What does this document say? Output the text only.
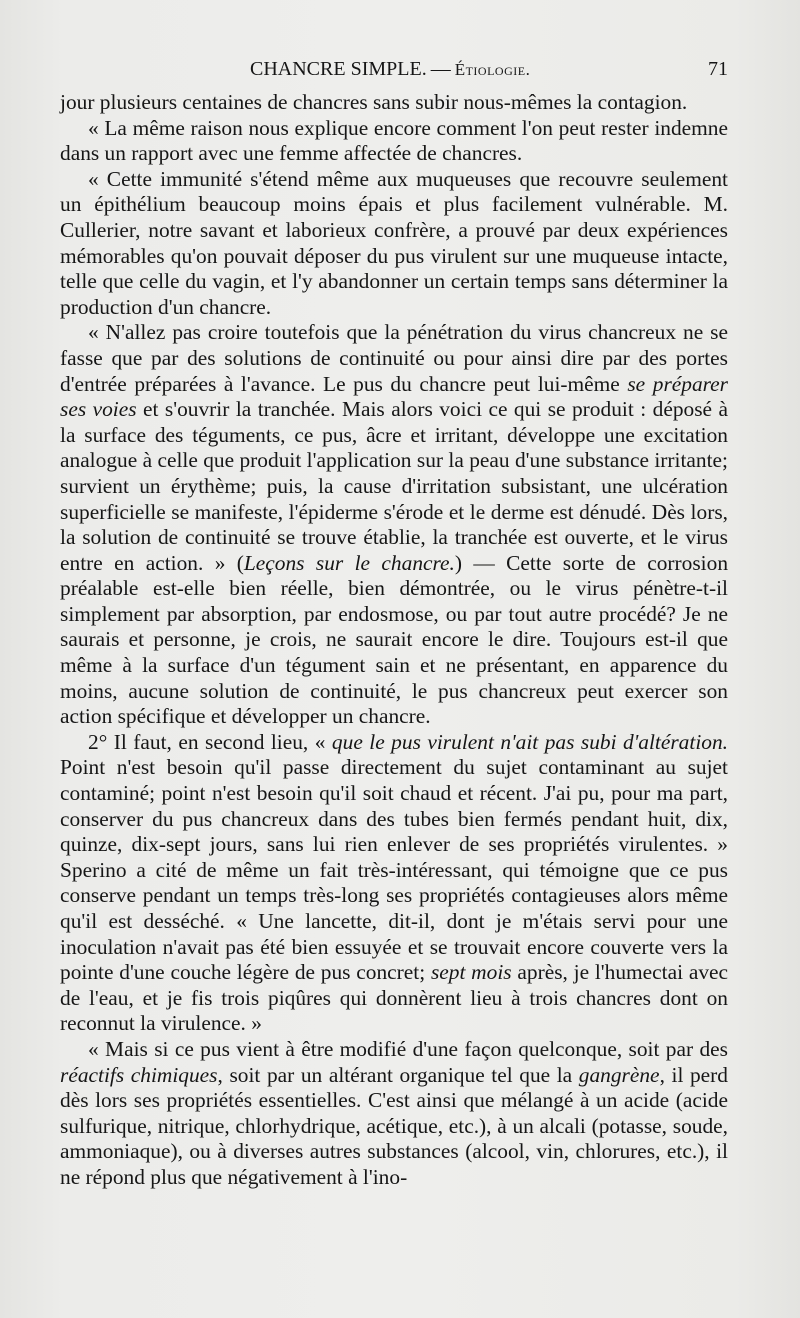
CHANCRE SIMPLE. — Étiologie.	71

jour plusieurs centaines de chancres sans subir nous-mêmes la contagion.

« La même raison nous explique encore comment l'on peut rester indemne dans un rapport avec une femme affectée de chancres.

« Cette immunité s'étend même aux muqueuses que recouvre seulement un épithélium beaucoup moins épais et plus facilement vulnérable. M. Cullerier, notre savant et laborieux confrère, a prouvé par deux expériences mémorables qu'on pouvait déposer du pus virulent sur une muqueuse intacte, telle que celle du vagin, et l'y abandonner un certain temps sans déterminer la production d'un chancre.

« N'allez pas croire toutefois que la pénétration du virus chancreux ne se fasse que par des solutions de continuité ou pour ainsi dire par des portes d'entrée préparées à l'avance. Le pus du chancre peut lui-même se préparer ses voies et s'ouvrir la tranchée. Mais alors voici ce qui se produit : déposé à la surface des téguments, ce pus, âcre et irritant, développe une excitation analogue à celle que produit l'application sur la peau d'une substance irritante; survient un érythème; puis, la cause d'irritation subsistant, une ulcération superficielle se manifeste, l'épiderme s'érode et le derme est dénudé. Dès lors, la solution de continuité se trouve établie, la tranchée est ouverte, et le virus entre en action. » (Leçons sur le chancre.) — Cette sorte de corrosion préalable est-elle bien réelle, bien démontrée, ou le virus pénètre-t-il simplement par absorption, par endosmose, ou par tout autre procédé? Je ne saurais et personne, je crois, ne saurait encore le dire. Toujours est-il que même à la surface d'un tégument sain et ne présentant, en apparence du moins, aucune solution de continuité, le pus chancreux peut exercer son action spécifique et développer un chancre.

2° Il faut, en second lieu, « que le pus virulent n'ait pas subi d'altération. Point n'est besoin qu'il passe directement du sujet contaminant au sujet contaminé; point n'est besoin qu'il soit chaud et récent. J'ai pu, pour ma part, conserver du pus chancreux dans des tubes bien fermés pendant huit, dix, quinze, dix-sept jours, sans lui rien enlever de ses propriétés virulentes. » Sperino a cité de même un fait très-intéressant, qui témoigne que ce pus conserve pendant un temps très-long ses propriétés contagieuses alors même qu'il est desséché. « Une lancette, dit-il, dont je m'étais servi pour une inoculation n'avait pas été bien essuyée et se trouvait encore couverte vers la pointe d'une couche légère de pus concret; sept mois après, je l'humectai avec de l'eau, et je fis trois piqûres qui donnèrent lieu à trois chancres dont on reconnut la virulence. »

« Mais si ce pus vient à être modifié d'une façon quelconque, soit par des réactifs chimiques, soit par un altérant organique tel que la gangrène, il perd dès lors ses propriétés essentielles. C'est ainsi que mélangé à un acide (acide sulfurique, nitrique, chlorhydrique, acétique, etc.), à un alcali (potasse, soude, ammoniaque), ou à diverses autres substances (alcool, vin, chlorures, etc.), il ne répond plus que négativement à l'ino-
